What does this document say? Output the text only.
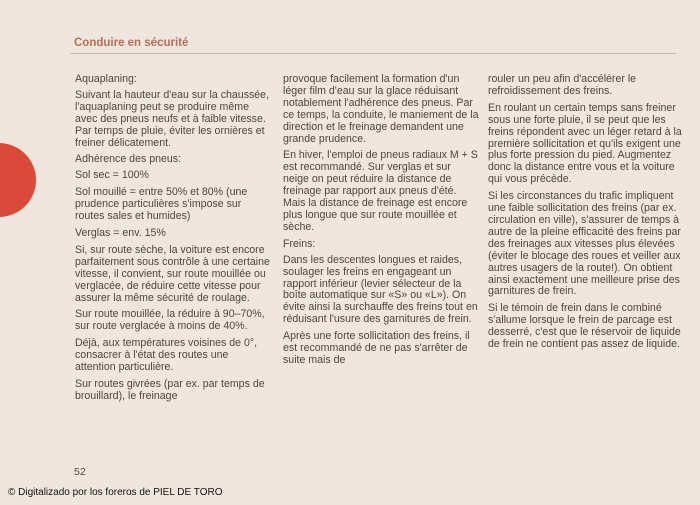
Conduire en sécurité

Aquaplaning:

Suivant la hauteur d'eau sur la chaussée, l'aquaplaning peut se produire même avec des pneus neufs et à faible vitesse. Par temps de pluie, éviter les ornières et freiner délicatement.

Adhérence des pneus:

Sol sec = 100%

Sol mouillé = entre 50% et 80% (une prudence particulières s'impose sur routes sales et humides)

Verglas = env. 15%

Si, sur route sèche, la voiture est encore parfaitement sous contrôle à une certaine vitesse, il convient, sur route mouillée ou verglacée, de réduire cette vitesse pour assurer la même sécurité de roulage.

Sur route mouillée, la réduire à 90–70%, sur route verglacée à moins de 40%.

Déjà, aux températures voisines de 0°, consacrer à l'état des routes une attention particulière.

Sur routes givrées (par ex. par temps de brouillard), le freinage

provoque facilement la formation d'un léger film d'eau sur la glace réduisant notablement l'adhérence des pneus. Par ce temps, la conduite, le maniement de la direction et le freinage demandent une grande prudence.

En hiver, l'emploi de pneus radiaux M + S est recommandé. Sur verglas et sur neige on peut réduire la distance de freinage par rapport aux pneus d'été. Mais la distance de freinage est encore plus longue que sur route mouillée et sèche.

Freins:

Dans les descentes longues et raides, soulager les freins en engageant un rapport inférieur (levier sélecteur de la boîte automatique sur «S» ou «L»). On évite ainsi la surchauffe des freins tout en réduisant l'usure des garnitures de frein.

Après une forte sollicitation des freins, il est recommandé de ne pas s'arrêter de suite mais de

rouler un peu afin d'accélérer le refroidissement des freins.

En roulant un certain temps sans freiner sous une forte pluie, il se peut que les freins répondent avec un léger retard à la première sollicitation et qu'ils exigent une plus forte pression du pied. Augmentez donc la distance entre vous et la voiture qui vous précède.

Si les circonstances du trafic impliquent une faible sollicitation des freins (par ex. circulation en ville), s'assurer de temps à autre de la pleine efficacité des freins par des freinages aux vitesses plus élevées (éviter le blocage des roues et veiller aux autres usagers de la route!). On obtient ainsi exactement une meilleure prise des garnitures de frein.

Si le témoin de frein dans le combiné s'allume lorsque le frein de parcage est desserré, c'est que le réservoir de liquide de frein ne contient pas assez de liquide.

52
© Digitalizado por los foreros de PIEL DE TORO
